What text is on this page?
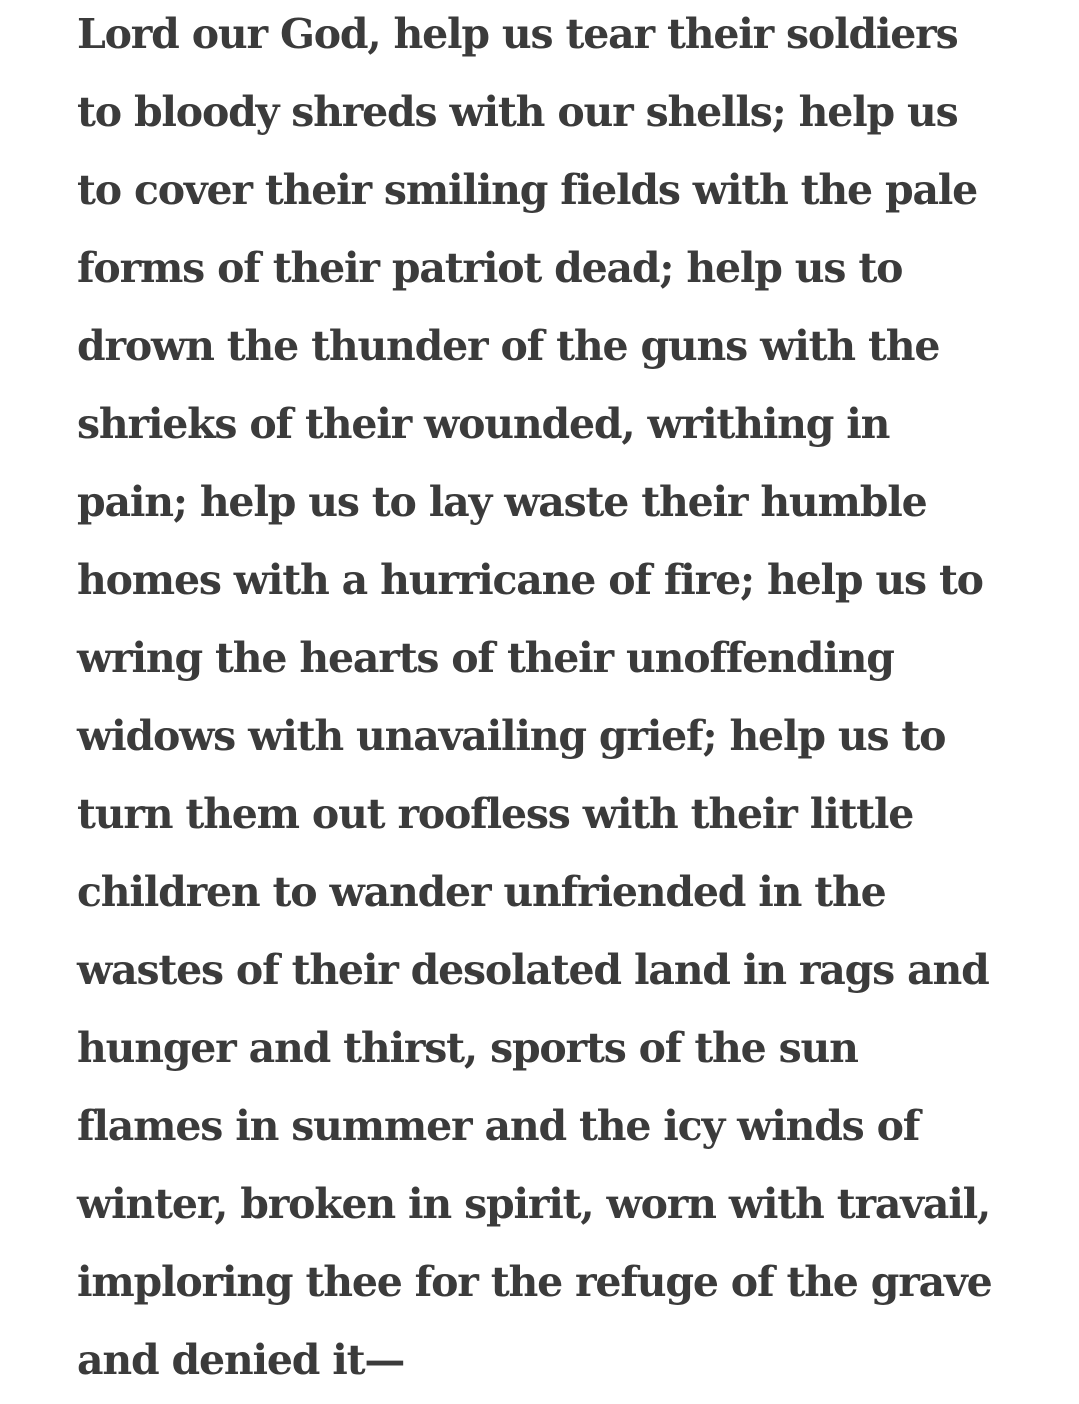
Lord our God, help us tear their soldiers
to bloody shreds with our shells; help us
to cover their smiling fields with the pale
forms of their patriot dead; help us to
drown the thunder of the guns with the
shrieks of their wounded, writhing in
pain; help us to lay waste their humble
homes with a hurricane of fire; help us to
wring the hearts of their unoffending
widows with unavailing grief; help us to
turn them out roofless with their little
children to wander unfriended in the
wastes of their desolated land in rags and
hunger and thirst, sports of the sun
flames in summer and the icy winds of
winter, broken in spirit, worn with travail,
imploring thee for the refuge of the grave
and denied it—
